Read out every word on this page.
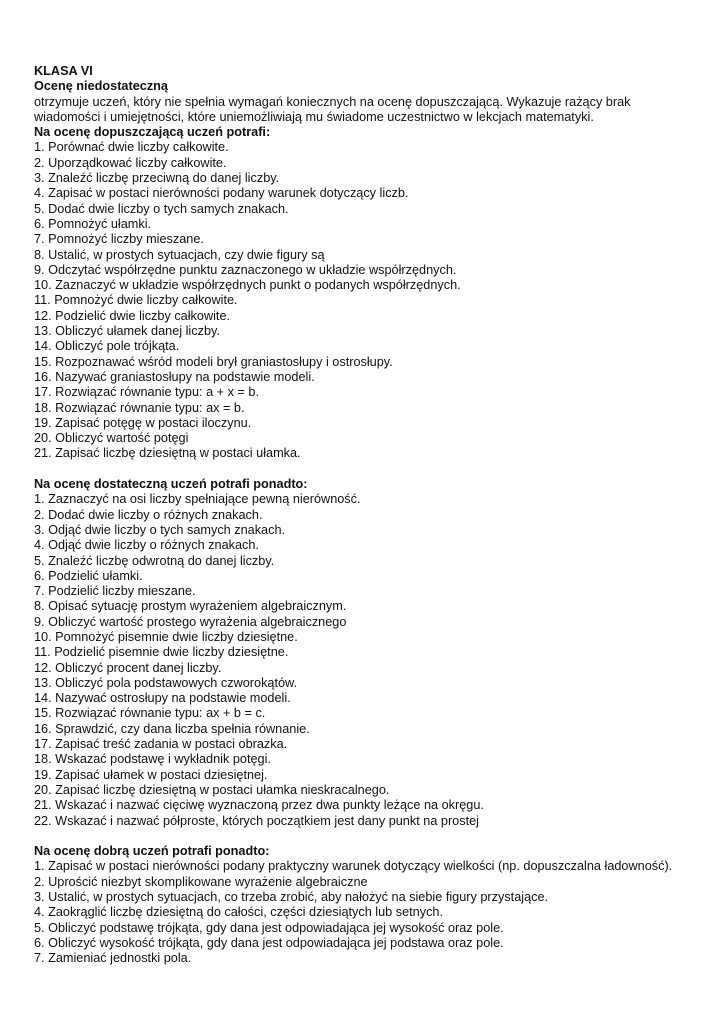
KLASA VI

Ocenę niedostateczną

otrzymuje uczeń, który nie spełnia wymagań koniecznych na ocenę dopuszczającą. Wykazuje rażący brak wiadomości i umiejętności, które uniemożliwiają mu świadome uczestnictwo w lekcjach matematyki.

Na ocenę dopuszczającą uczeń potrafi:

1. Porównać dwie liczby całkowite.

2. Uporządkować liczby całkowite.

3. Znaleźć liczbę przeciwną do danej liczby.

4. Zapisać w postaci nierówności podany warunek dotyczący liczb.

5. Dodać dwie liczby o tych samych znakach.

6. Pomnożyć ułamki.

7. Pomnożyć liczby mieszane.

8. Ustalić, w prostych sytuacjach, czy dwie figury są

9. Odczytać współrzędne punktu zaznaczonego w układzie współrzędnych.

10. Zaznaczyć w układzie współrzędnych punkt o podanych współrzędnych.

11. Pomnożyć dwie liczby całkowite.

12. Podzielić dwie liczby całkowite.

13. Obliczyć ułamek danej liczby.

14. Obliczyć pole trójkąta.

15. Rozpoznawać wśród modeli brył graniastosłupy i ostrosłupy.

16. Nazywać graniastosłupy na podstawie modeli.

17. Rozwiązać równanie typu: a + x = b.

18. Rozwiązać równanie typu: ax = b.

19. Zapisać potęgę w postaci iloczynu.

20. Obliczyć wartość potęgi

21. Zapisać liczbę dziesiętną w postaci ułamka.

Na ocenę dostateczną uczeń potrafi ponadto:

1. Zaznaczyć na osi liczby spełniające pewną nierówność.

2. Dodać dwie liczby o różnych znakach.

3. Odjąć dwie liczby o tych samych znakach.

4. Odjąć dwie liczby o różnych znakach.

5. Znaleźć liczbę odwrotną do danej liczby.

6. Podzielić ułamki.

7. Podzielić liczby mieszane.

8. Opisać sytuację prostym wyrażeniem algebraicznym.

9. Obliczyć wartość prostego wyrażenia algebraicznego

10. Pomnożyć pisemnie dwie liczby dziesiętne.

11. Podzielić pisemnie dwie liczby dziesiętne.

12. Obliczyć procent danej liczby.

13. Obliczyć pola podstawowych czworokątów.

14. Nazywać ostrosłupy na podstawie modeli.

15. Rozwiązać równanie typu: ax + b = c.

16. Sprawdzić, czy dana liczba spełnia równanie.

17. Zapisać treść zadania w postaci obrazka.

18. Wskazać podstawę i wykładnik potęgi.

19. Zapisać ułamek w postaci dziesiętnej.

20. Zapisać liczbę dziesiętną w postaci ułamka nieskracalnego.

21. Wskazać i nazwać cięciwę wyznaczoną przez dwa punkty leżące na okręgu.

22. Wskazać i nazwać półproste, których początkiem jest dany punkt na prostej

Na ocenę dobrą uczeń potrafi ponadto:

1. Zapisać w postaci nierówności podany praktyczny warunek dotyczący wielkości (np. dopuszczalna ładowność).

2. Uprościć niezbyt skomplikowane wyrażenie algebraiczne

3. Ustalić, w prostych sytuacjach, co trzeba zrobić, aby nałożyć na siebie figury przystające.

4. Zaokrąglić liczbę dziesiętną do całości, części dziesiątych lub setnych.

5. Obliczyć podstawę trójkąta, gdy dana jest odpowiadająca jej wysokość oraz pole.

6. Obliczyć wysokość trójkąta, gdy dana jest odpowiadająca jej podstawa oraz pole.

7. Zamieniać jednostki pola.
